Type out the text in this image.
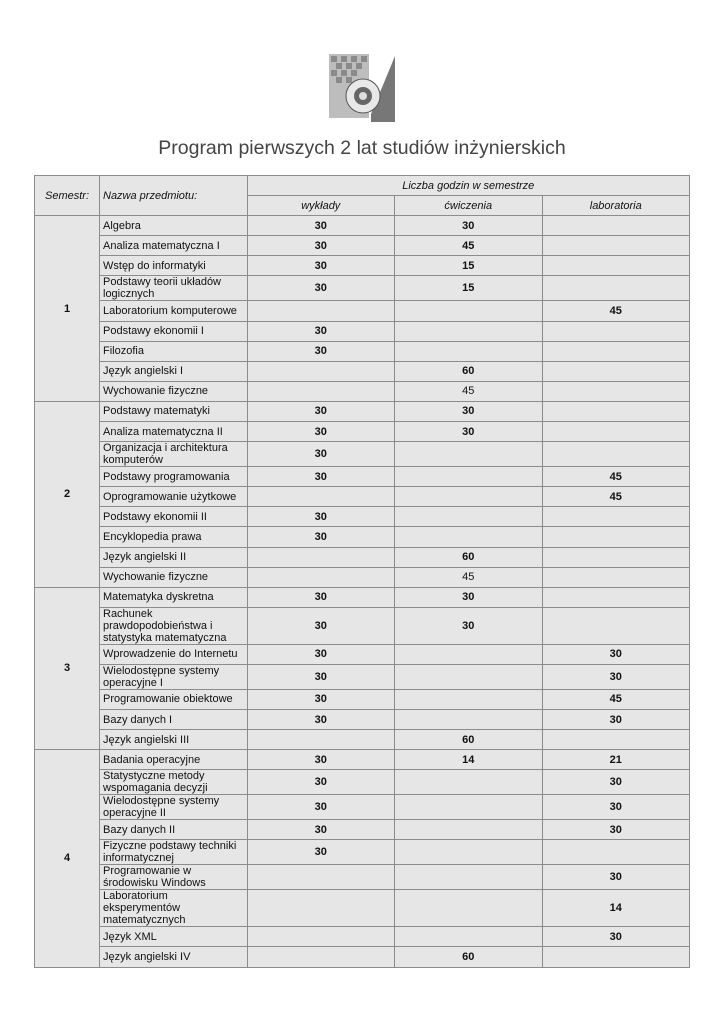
Program pierwszych 2 lat studiów inżynierskich
Semestr:	Nazwa przedmiotu:	Liczba godzin w semestrze		
		wykłady	ćwiczenia	laboratoria
1	Algebra	30	30	
	Analiza matematyczna I	30	45	
	Wstęp do informatyki	30	15	
	Podstawy teorii układów logicznych	30	15	
	Laboratorium komputerowe			45
	Podstawy ekonomii I	30		
	Filozofia	30		
	Język angielski I		60	
	Wychowanie fizyczne		45	
2	Podstawy matematyki	30	30	
	Analiza matematyczna II	30	30	
	Organizacja i architektura komputerów	30		
	Podstawy programowania	30		45
	Oprogramowanie użytkowe			45
	Podstawy ekonomii II	30		
	Encyklopedia prawa	30		
	Język angielski II		60	
	Wychowanie fizyczne		45	
3	Matematyka dyskretna	30	30	
	Rachunek prawdopodobieństwa i statystyka matematyczna	30	30	
	Wprowadzenie do Internetu	30		30
	Wielodostępne systemy operacyjne I	30		30
	Programowanie obiektowe	30		45
	Bazy danych I	30		30
	Język angielski III		60	
4	Badania operacyjne	30	14	21
	Statystyczne metody wspomagania decyzji	30		30
	Wielodostępne systemy operacyjne II	30		30
	Bazy danych II	30		30
	Fizyczne podstawy techniki informatycznej	30		
	Programowanie w środowisku Windows			30
	Laboratorium eksperymentów matematycznych			14
	Język XML			30
	Język angielski IV		60	
